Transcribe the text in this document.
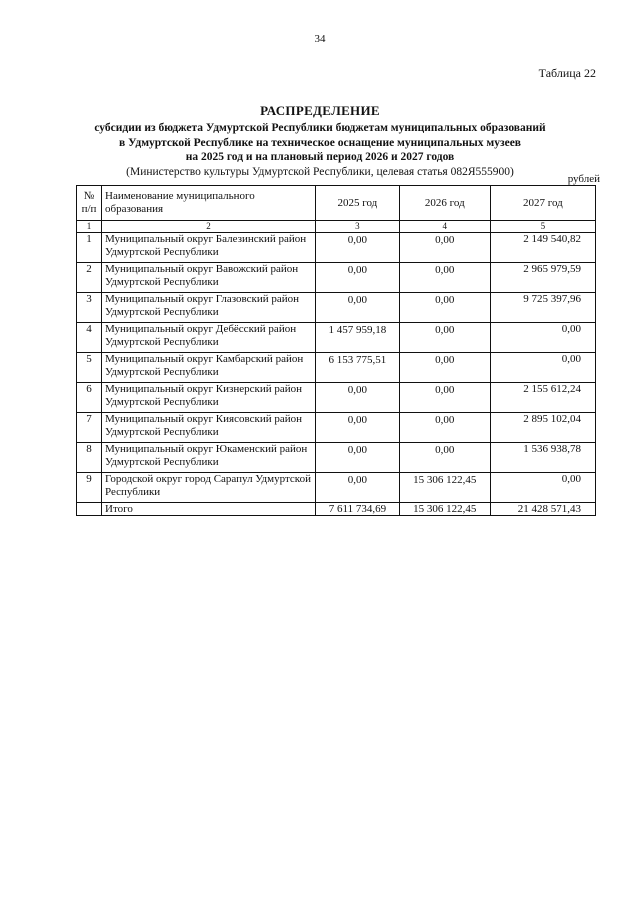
34
Таблица 22
РАСПРЕДЕЛЕНИЕ
субсидии из бюджета Удмуртской Республики бюджетам муниципальных образований
в Удмуртской Республике на техническое оснащение муниципальных музеев
на 2025 год и на плановый период 2026 и 2027 годов
(Министерство культуры Удмуртской Республики, целевая статья 082Я555900)
рублей
№ п/п	Наименование муниципального образования	2025 год	2026 год	2027 год
1	2	3	4	5
1	Муниципальный округ Балезинский район Удмуртской Республики	0,00	0,00	2 149 540,82
2	Муниципальный округ Вавожский район Удмуртской Республики	0,00	0,00	2 965 979,59
3	Муниципальный округ Глазовский район Удмуртской Республики	0,00	0,00	9 725 397,96
4	Муниципальный округ Дебёсский район Удмуртской Республики	1 457 959,18	0,00	0,00
5	Муниципальный округ Камбарский район Удмуртской Республики	6 153 775,51	0,00	0,00
6	Муниципальный округ Кизнерский район Удмуртской Республики	0,00	0,00	2 155 612,24
7	Муниципальный округ Киясовский район Удмуртской Республики	0,00	0,00	2 895 102,04
8	Муниципальный округ Юкаменский район Удмуртской Республики	0,00	0,00	1 536 938,78
9	Городской округ город Сарапул Удмуртской Республики	0,00	15 306 122,45	0,00
	Итого	7 611 734,69	15 306 122,45	21 428 571,43
